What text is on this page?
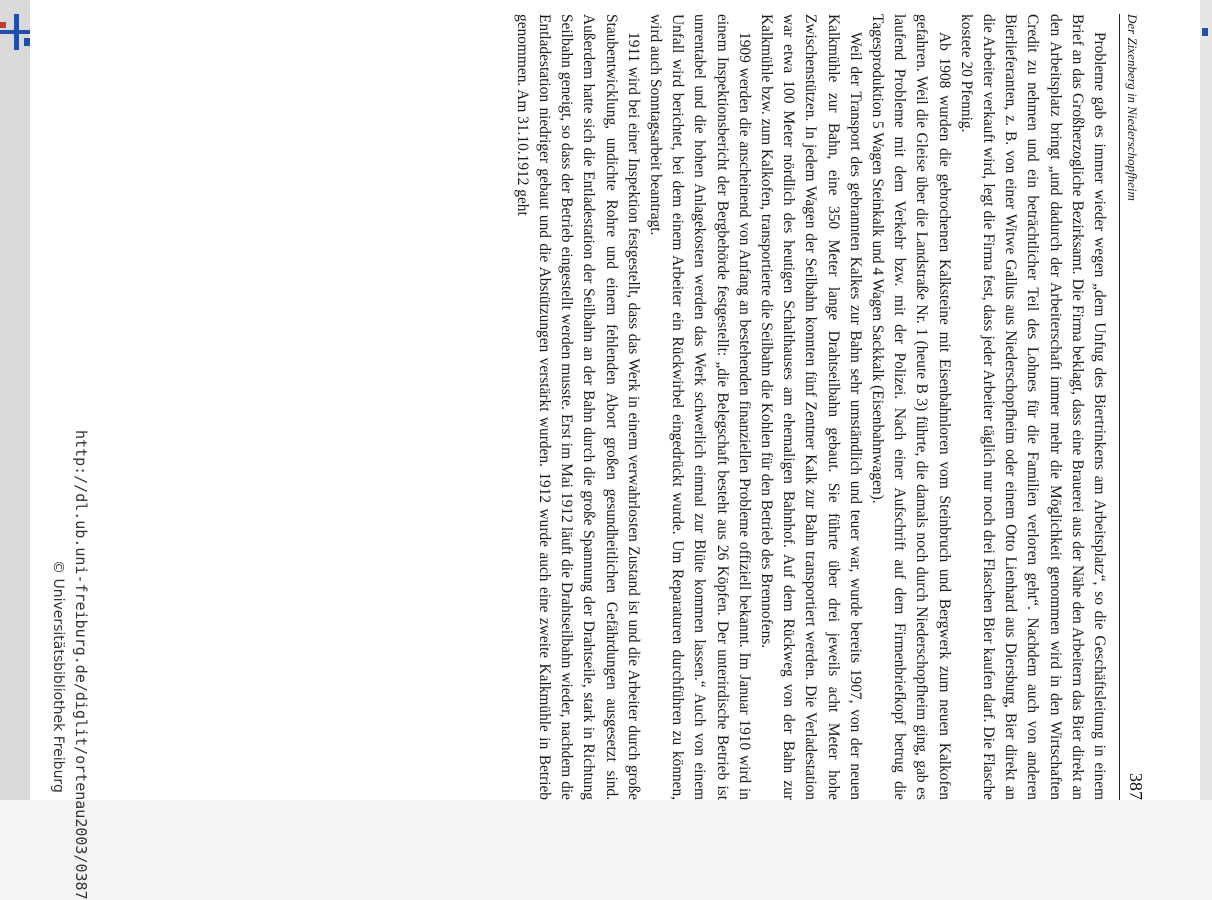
Der Zixenberg in Niederschopfheim
387

Probleme gab es immer wieder wegen „dem Unfug des Biertrinkens am Arbeitsplatz“, so die Geschäftsleitung in einem Brief an das Großherzogliche Bezirksamt. Die Firma beklagt, dass eine Brauerei aus der Nähe den Arbeitern das Bier direkt an den Arbeitsplatz bringt „und dadurch der Arbeiterschaft immer mehr die Möglichkeit genommen wird in den Wirtschaften Credit zu nehmen und ein beträchtlicher Teil des Lohnes für die Familien verloren geht“. Nachdem auch von anderen Bierlieferanten, z. B. von einer Witwe Gallus aus Niederschopfheim oder einem Otto Lienhard aus Diersburg, Bier direkt an die Arbeiter verkauft wird, legt die Firma fest, dass jeder Arbeiter täglich nur noch drei Flaschen Bier kaufen darf. Die Flasche kostete 20 Pfennig.

Ab 1908 wurden die gebrochenen Kalksteine mit Eisenbahnloren vom Steinbruch und Bergwerk zum neuen Kalkofen gefahren. Weil die Gleise über die Landstraße Nr. 1 (heute B 3) führte, die damals noch durch Niederschopfheim ging, gab es laufend Probleme mit dem Verkehr bzw. mit der Polizei. Nach einer Aufschrift auf dem Firmenbriefkopf betrug die Tagesproduktion 5 Wagen Steinkalk und 4 Wagen Sackkalk (Eisenbahnwagen).

Weil der Transport des gebrannten Kalkes zur Bahn sehr umständlich und teuer war, wurde bereits 1907, von der neuen Kalkmühle zur Bahn, eine 350 Meter lange Drahtseilbahn gebaut. Sie führte über drei jeweils acht Meter hohe Zwischenstützen. In jedem Wagen der Seilbahn konnten fünf Zentner Kalk zur Bahn transportiert werden. Die Verladestation war etwa 100 Meter nördlich des heutigen Schalthauses am ehemaligen Bahnhof. Auf dem Rückweg von der Bahn zur Kalkmühle bzw. zum Kalkofen, transportierte die Seilbahn die Kohlen für den Betrieb des Brennofens.

1909 werden die anscheinend von Anfang an bestehenden finanziellen Probleme offiziell bekannt. Im Januar 1910 wird in einem Inspektionsbericht der Bergbehörde festgestellt: „die Belegschaft besteht aus 26 Köpfen. Der unterirdische Betrieb ist unrentabel und die hohen Anlagekosten werden das Werk schwerlich einmal zur Blüte kommen lassen.“ Auch von einem Unfall wird berichtet, bei dem einem Arbeiter ein Rückwirbel eingedrückt wurde. Um Reparaturen durchführen zu können, wird auch Sonntagsarbeit beantragt.

1911 wird bei einer Inspektion festgestellt, dass das Werk in einem verwahrlosten Zustand ist und die Arbeiter durch große Staubentwicklung, undichte Rohre und einem fehlenden Abort großen gesundheitlichen Gefährdungen ausgesetzt sind. Außerdem hatte sich die Entladestation der Seilbahn an der Bahn durch die große Spannung der Drahtseile, stark in Richtung Seilbahn geneigt, so dass der Betrieb eingestellt werden musste. Erst im Mai 1912 läuft die Drahtseilbahn wieder, nachdem die Entladestation niedriger gebaut und die Abstützungen verstärkt wurden. 1912 wurde auch eine zweite Kalkmühle in Betrieb genommen. Am 31.10.1912 geht

http://dl.ub.uni-freiburg.de/diglit/ortenau2003/0387
© Universitätsbibliothek Freiburg
